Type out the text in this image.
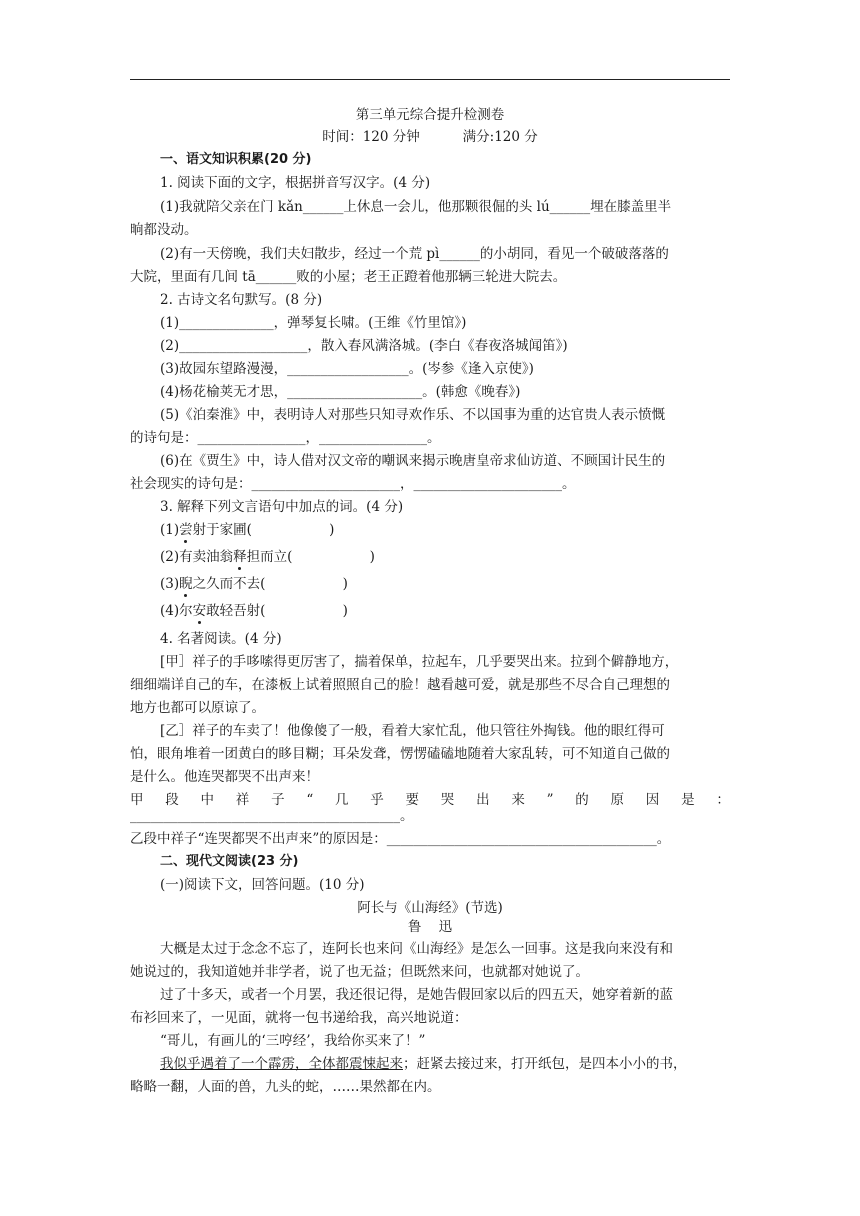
第三单元综合提升检测卷
时间：120 分钟          满分:120 分
一、语文知识积累(20 分)
1. 阅读下面的文字，根据拼音写汉字。(4 分)
(1)我就陪父亲在门 kǎn______上休息一会儿，他那颗很倔的头 lú______埋在膝盖里半
晌都没动。
(2)有一天傍晚，我们夫妇散步，经过一个荒 pì______的小胡同，看见一个破破落落的
大院，里面有几间 tā______败的小屋；老王正蹬着他那辆三轮进大院去。
2. 古诗文名句默写。(8 分)
(1)______________，弹琴复长啸。(王维《竹里馆》)
(2)___________________，散入春风满洛城。(李白《春夜洛城闻笛》)
(3)故园东望路漫漫，__________________。(岑参《逢入京使》)
(4)杨花榆荚无才思，____________________。(韩愈《晚春》)
(5)《泊秦淮》中，表明诗人对那些只知寻欢作乐、不以国事为重的达官贵人表示愤慨
的诗句是：________________，________________。
(6)在《贾生》中，诗人借对汉文帝的嘲讽来揭示晚唐皇帝求仙访道、不顾国计民生的
社会现实的诗句是：______________________，______________________。
3. 解释下列文言语句中加点的词。(4 分)
(1)尝射于家圃(                  )
(2)有卖油翁释担而立(                  )
(3)睨之久而不去(                  )
(4)尔安敢轻吾射(                  )
4. 名著阅读。(4 分)
[甲］祥子的手哆嗦得更厉害了，揣着保单，拉起车，几乎要哭出来。拉到个僻静地方，
细细端详自己的车，在漆板上试着照照自己的脸！越看越可爱，就是那些不尽合自己理想的
地方也都可以原谅了。
[乙］祥子的车卖了！他像傻了一般，看着大家忙乱，他只管往外掏钱。他的眼红得可
怕，眼角堆着一团黄白的眵目糊；耳朵发聋，愣愣磕磕地随着大家乱转，可不知道自己做的
是什么。他连哭都哭不出声来！
甲 段 中 祥 子 “ 几 乎 要 哭 出 来 ” 的 原 因 是 ：
________________________________________。
乙段中祥子“连哭都哭不出声来”的原因是：________________________________________。
二、现代文阅读(23 分)
(一)阅读下文，回答问题。(10 分)
阿长与《山海经》(节选)
鲁    迅
大概是太过于念念不忘了，连阿长也来问《山海经》是怎么一回事。这是我向来没有和
她说过的，我知道她并非学者，说了也无益；但既然来问，也就都对她说了。
过了十多天，或者一个月罢，我还很记得，是她告假回家以后的四五天，她穿着新的蓝
布衫回来了，一见面，就将一包书递给我，高兴地说道：
“哥儿，有画儿的‘三哼经’，我给你买来了！”
我似乎遇着了一个霹雳，全体都震悚起来；赶紧去接过来，打开纸包，是四本小小的书，
略略一翻，人面的兽，九头的蛇，……果然都在内。
